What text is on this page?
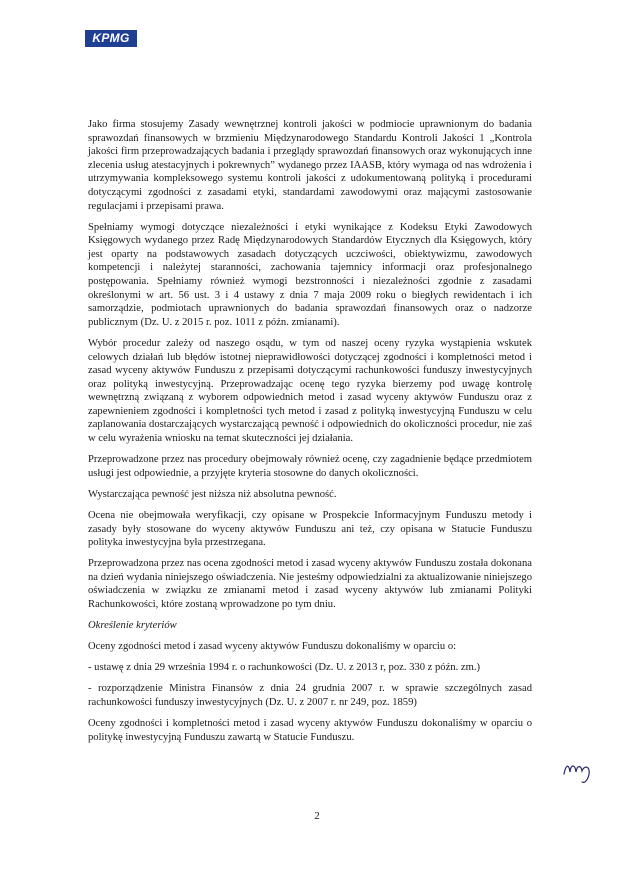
KPMG

Jako firma stosujemy Zasady wewnętrznej kontroli jakości w podmiocie uprawnionym do badania sprawozdań finansowych w brzmieniu Międzynarodowego Standardu Kontroli Jakości 1 „Kontrola jakości firm przeprowadzających badania i przeglądy sprawozdań finansowych oraz wykonujących inne zlecenia usług atestacyjnych i pokrewnych” wydanego przez IAASB, który wymaga od nas wdrożenia i utrzymywania kompleksowego systemu kontroli jakości z udokumentowaną polityką i procedurami dotyczącymi zgodności z zasadami etyki, standardami zawodowymi oraz mającymi zastosowanie regulacjami i przepisami prawa.

Spełniamy wymogi dotyczące niezależności i etyki wynikające z Kodeksu Etyki Zawodowych Księgowych wydanego przez Radę Międzynarodowych Standardów Etycznych dla Księgowych, który jest oparty na podstawowych zasadach dotyczących uczciwości, obiektywizmu, zawodowych kompetencji i należytej staranności, zachowania tajemnicy informacji oraz profesjonalnego postępowania. Spełniamy również wymogi bezstronności i niezależności zgodnie z zasadami określonymi w art. 56 ust. 3 i 4 ustawy z dnia 7 maja 2009 roku o biegłych rewidentach i ich samorządzie, podmiotach uprawnionych do badania sprawozdań finansowych oraz o nadzorze publicznym (Dz. U. z 2015 r. poz. 1011 z późn. zmianami).

Wybór procedur zależy od naszego osądu, w tym od naszej oceny ryzyka wystąpienia wskutek celowych działań lub błędów istotnej nieprawidłowości dotyczącej zgodności i kompletności metod i zasad wyceny aktywów Funduszu z przepisami dotyczącymi rachunkowości funduszy inwestycyjnych oraz polityką inwestycyjną. Przeprowadzając ocenę tego ryzyka bierzemy pod uwagę kontrolę wewnętrzną związaną z wyborem odpowiednich metod i zasad wyceny aktywów Funduszu oraz z zapewnieniem zgodności i kompletności tych metod i zasad z polityką inwestycyjną Funduszu w celu zaplanowania dostarczających wystarczającą pewność i odpowiednich do okoliczności procedur, nie zaś w celu wyrażenia wniosku na temat skuteczności jej działania.

Przeprowadzone przez nas procedury obejmowały również ocenę, czy zagadnienie będące przedmiotem usługi jest odpowiednie, a przyjęte kryteria stosowne do danych okoliczności.

Wystarczająca pewność jest niższa niż absolutna pewność.

Ocena nie obejmowała weryfikacji, czy opisane w Prospekcie Informacyjnym Funduszu metody i zasady były stosowane do wyceny aktywów Funduszu ani też, czy opisana w Statucie Funduszu polityka inwestycyjna była przestrzegana.

Przeprowadzona przez nas ocena zgodności metod i zasad wyceny aktywów Funduszu została dokonana na dzień wydania niniejszego oświadczenia. Nie jesteśmy odpowiedzialni za aktualizowanie niniejszego oświadczenia w związku ze zmianami metod i zasad wyceny aktywów lub zmianami Polityki Rachunkowości, które zostaną wprowadzone po tym dniu.

Określenie kryteriów

Oceny zgodności metod i zasad wyceny aktywów Funduszu dokonaliśmy w oparciu o:

- ustawę z dnia 29 września 1994 r. o rachunkowości (Dz. U. z 2013 r, poz. 330 z późn. zm.)

- rozporządzenie Ministra Finansów z dnia 24 grudnia 2007 r. w sprawie szczególnych zasad rachunkowości funduszy inwestycyjnych (Dz. U. z 2007 r. nr 249, poz. 1859)

Oceny zgodności i kompletności metod i zasad wyceny aktywów Funduszu dokonaliśmy w oparciu o politykę inwestycyjną Funduszu zawartą w Statucie Funduszu.

2
